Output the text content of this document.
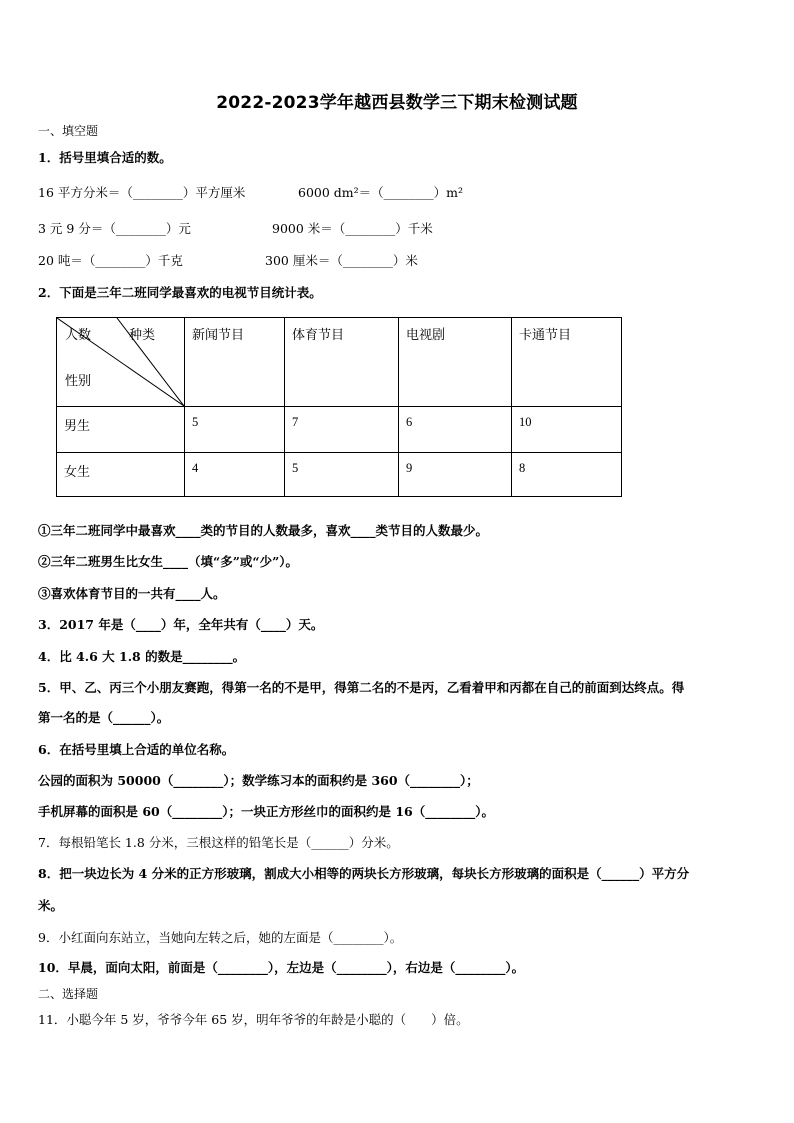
2022-2023学年越西县数学三下期末检测试题
一、填空题
1．括号里填合适的数。
16 平方分米＝（________）平方厘米	6000 dm²＝（________）m²
3 元 9 分＝（________）元	9000 米＝（________）千米
20 吨＝（________）千克	300 厘米＝（________）米
2．下面是三年二班同学最喜欢的电视节目统计表。
人数 种类
性别	新闻节目	体育节目	电视剧	卡通节目

男生	5	7	6	10

女生	4	5	9	8
①三年二班同学中最喜欢____类的节目的人数最多，喜欢____类节目的人数最少。
②三年二班男生比女生____（填“多”或“少”）。
③喜欢体育节目的一共有____人。
3．2017 年是（____）年，全年共有（____）天。
4．比 4.6 大 1.8 的数是________。
5．甲、乙、丙三个小朋友赛跑，得第一名的不是甲，得第二名的不是丙，乙看着甲和丙都在自己的前面到达终点。得
第一名的是（______）。
6．在括号里填上合适的单位名称。
公园的面积为 50000（________）；数学练习本的面积约是 360（________）；
手机屏幕的面积是 60（________）；一块正方形丝巾的面积约是 16（________）。
7．每根铅笔长 1.8 分米，三根这样的铅笔长是（______）分米。
8．把一块边长为 4 分米的正方形玻璃，割成大小相等的两块长方形玻璃，每块长方形玻璃的面积是（______）平方分
米。
9．小红面向东站立，当她向左转之后，她的左面是（________）。
10．早晨，面向太阳，前面是（________），左边是（________），右边是（________）。
二、选择题
11．小聪今年 5 岁，爷爷今年 65 岁，明年爷爷的年龄是小聪的（　　）倍。
